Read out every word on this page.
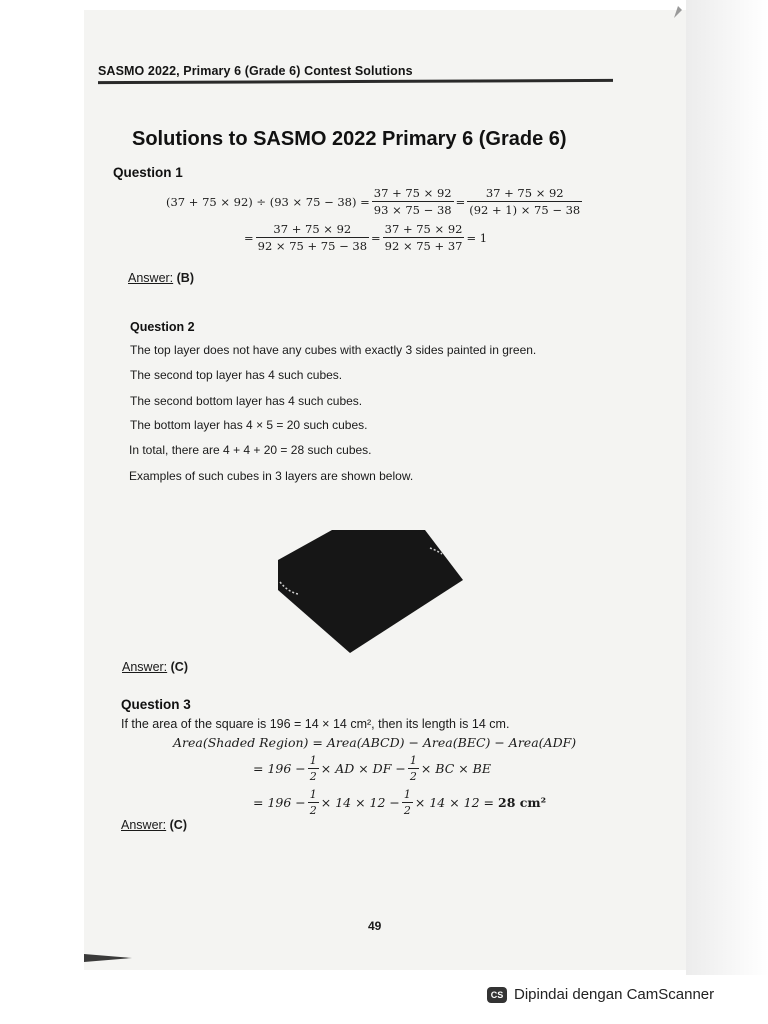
SASMO 2022, Primary 6 (Grade 6) Contest Solutions
Solutions to SASMO 2022 Primary 6 (Grade 6)
Question 1
$(37 + 75 \times 92) \div (93 \times 75 - 38) = \frac{37 + 75 \times 92}{93 \times 75 - 38} = \frac{37 + 75 \times 92}{(92 + 1) \times 75 - 38}$
= $\frac{37 + 75 \times 92}{92 \times 75 + 75 - 38} = \frac{37 + 75 \times 92}{92 \times 75 + 37} = 1$
Answer: (B)
Question 2
The top layer does not have any cubes with exactly 3 sides painted in green.
The second top layer has 4 such cubes.
The second bottom layer has 4 such cubes.
The bottom layer has 4 × 5 = 20 such cubes.
In total, there are 4 + 4 + 20 = 28 such cubes.
Examples of such cubes in 3 layers are shown below.
Answer: (C)
Question 3
If the area of the square is 196 = 14 × 14 cm², then its length is 14 cm.
Area(Shaded Region) = Area(ABCD) − Area(BEC) − Area(ADF)
= $196 - \frac{1}{2}$ × AD × DF − $\frac{1}{2}$ × BC × BE
= $196 - \frac{1}{2} \times 14 \times 12 - \frac{1}{2} \times 14 \times 12 = 28$ cm²
Answer: (C)
49
CS Dipindai dengan CamScanner
